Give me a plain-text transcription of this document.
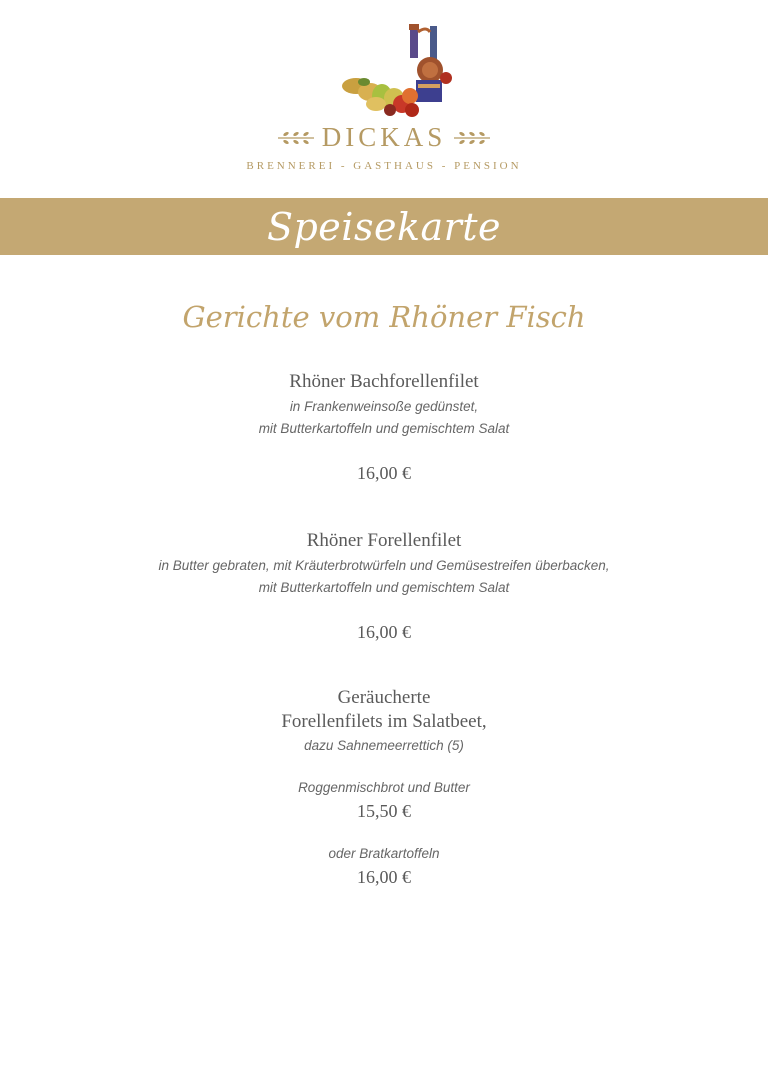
DICKAS
BRENNEREI - GASTHAUS - PENSION
Speisekarte
Gerichte vom Rhöner Fisch
Rhöner Bachforellenfilet
in Frankenweinsoße gedünstet,
mit Butterkartoffeln und gemischtem Salat
16,00 €
Rhöner Forellenfilet
in Butter gebraten, mit Kräuterbrotwürfeln und Gemüsestreifen überbacken,
mit Butterkartoffeln und gemischtem Salat
16,00 €
Geräucherte
Forellenfilets im Salatbeet,
dazu Sahnemeerrettich (5)
Roggenmischbrot und Butter
15,50 €
oder Bratkartoffeln
16,00 €
